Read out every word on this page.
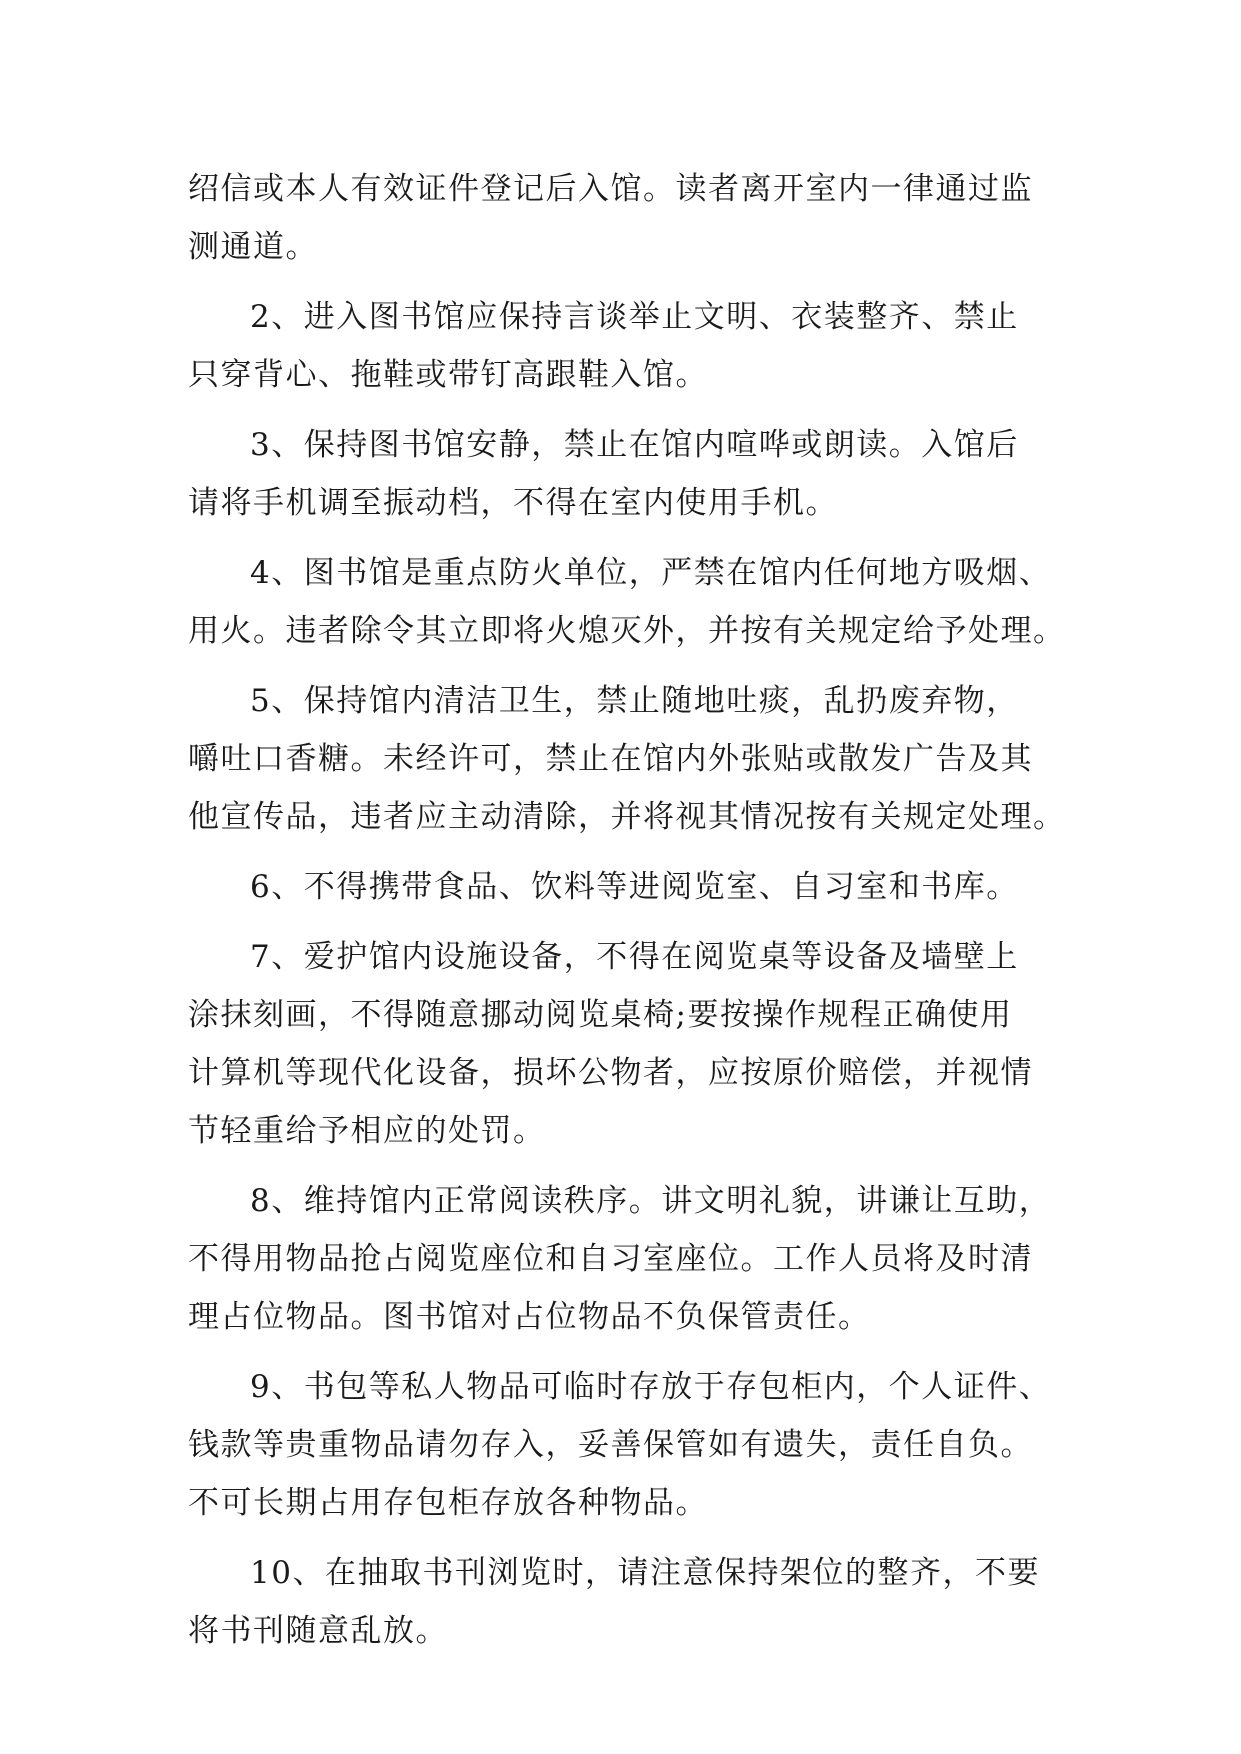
绍信或本人有效证件登记后入馆。读者离开室内一律通过监
测通道。
2、进入图书馆应保持言谈举止文明、衣装整齐、禁止
只穿背心、拖鞋或带钉高跟鞋入馆。
3、保持图书馆安静，禁止在馆内喧哗或朗读。入馆后
请将手机调至振动档，不得在室内使用手机。
4、图书馆是重点防火单位，严禁在馆内任何地方吸烟、
用火。违者除令其立即将火熄灭外，并按有关规定给予处理。
5、保持馆内清洁卫生，禁止随地吐痰，乱扔废弃物，
嚼吐口香糖。未经许可，禁止在馆内外张贴或散发广告及其
他宣传品，违者应主动清除，并将视其情况按有关规定处理。
6、不得携带食品、饮料等进阅览室、自习室和书库。
7、爱护馆内设施设备，不得在阅览桌等设备及墙壁上
涂抹刻画，不得随意挪动阅览桌椅;要按操作规程正确使用
计算机等现代化设备，损坏公物者，应按原价赔偿，并视情
节轻重给予相应的处罚。
8、维持馆内正常阅读秩序。讲文明礼貌，讲谦让互助，
不得用物品抢占阅览座位和自习室座位。工作人员将及时清
理占位物品。图书馆对占位物品不负保管责任。
9、书包等私人物品可临时存放于存包柜内，个人证件、
钱款等贵重物品请勿存入，妥善保管如有遗失，责任自负。
不可长期占用存包柜存放各种物品。
10、在抽取书刊浏览时，请注意保持架位的整齐，不要
将书刊随意乱放。
